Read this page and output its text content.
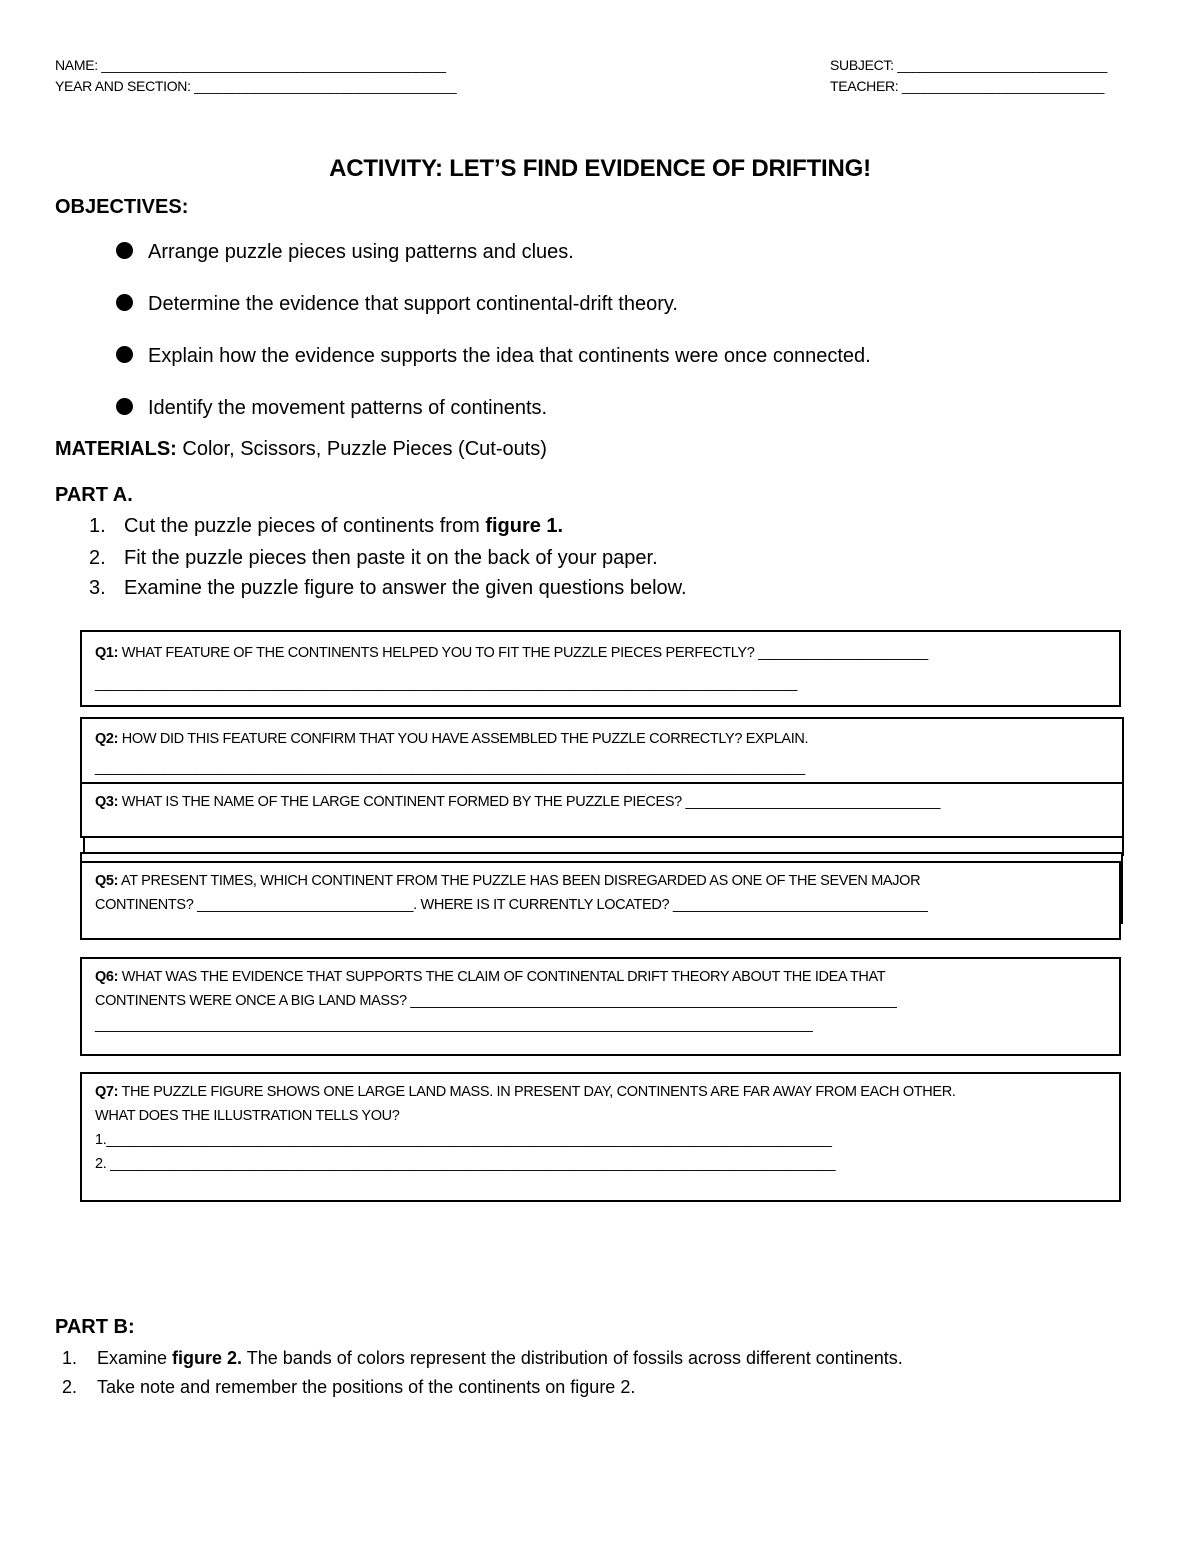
NAME: ______________________________________________
YEAR AND SECTION: ___________________________________
SUBJECT: ____________________________
TEACHER: ___________________________
ACTIVITY: LET’S FIND EVIDENCE OF DRIFTING!
OBJECTIVES:
Arrange puzzle pieces using patterns and clues.
Determine the evidence that support continental-drift theory.
Explain how the evidence supports the idea that continents were once connected.
Identify the movement patterns of continents.
MATERIALS: Color, Scissors, Puzzle Pieces (Cut-outs)
PART A.
1. Cut the puzzle pieces of continents from figure 1.
2. Fit the puzzle pieces then paste it on the back of your paper.
3. Examine the puzzle figure to answer the given questions below.
Q1: WHAT FEATURE OF THE CONTINENTS HELPED YOU TO FIT THE PUZZLE PIECES PERFECTLY? ______________________
___________________________________________________________________________________________
Q2: HOW DID THIS FEATURE CONFIRM THAT YOU HAVE ASSEMBLED THE PUZZLE CORRECTLY? EXPLAIN.
____________________________________________________________________________________________
Q3: WHAT IS THE NAME OF THE LARGE CONTINENT FORMED BY THE PUZZLE PIECES? _________________________________
Q5: AT PRESENT TIMES, WHICH CONTINENT FROM THE PUZZLE HAS BEEN DISREGARDED AS ONE OF THE SEVEN MAJOR
CONTINENTS? ____________________________. WHERE IS IT CURRENTLY LOCATED? _________________________________
Q6: WHAT WAS THE EVIDENCE THAT SUPPORTS THE CLAIM OF CONTINENTAL DRIFT THEORY ABOUT THE IDEA THAT
CONTINENTS WERE ONCE A BIG LAND MASS? _______________________________________________________________
_____________________________________________________________________________________________
Q7: THE PUZZLE FIGURE SHOWS ONE LARGE LAND MASS. IN PRESENT DAY, CONTINENTS ARE FAR AWAY FROM EACH OTHER.
WHAT DOES THE ILLUSTRATION TELLS YOU?
1.______________________________________________________________________________________________
2. ______________________________________________________________________________________________
PART B:
1. Examine figure 2. The bands of colors represent the distribution of fossils across different continents.
2. Take note and remember the positions of the continents on figure 2.
